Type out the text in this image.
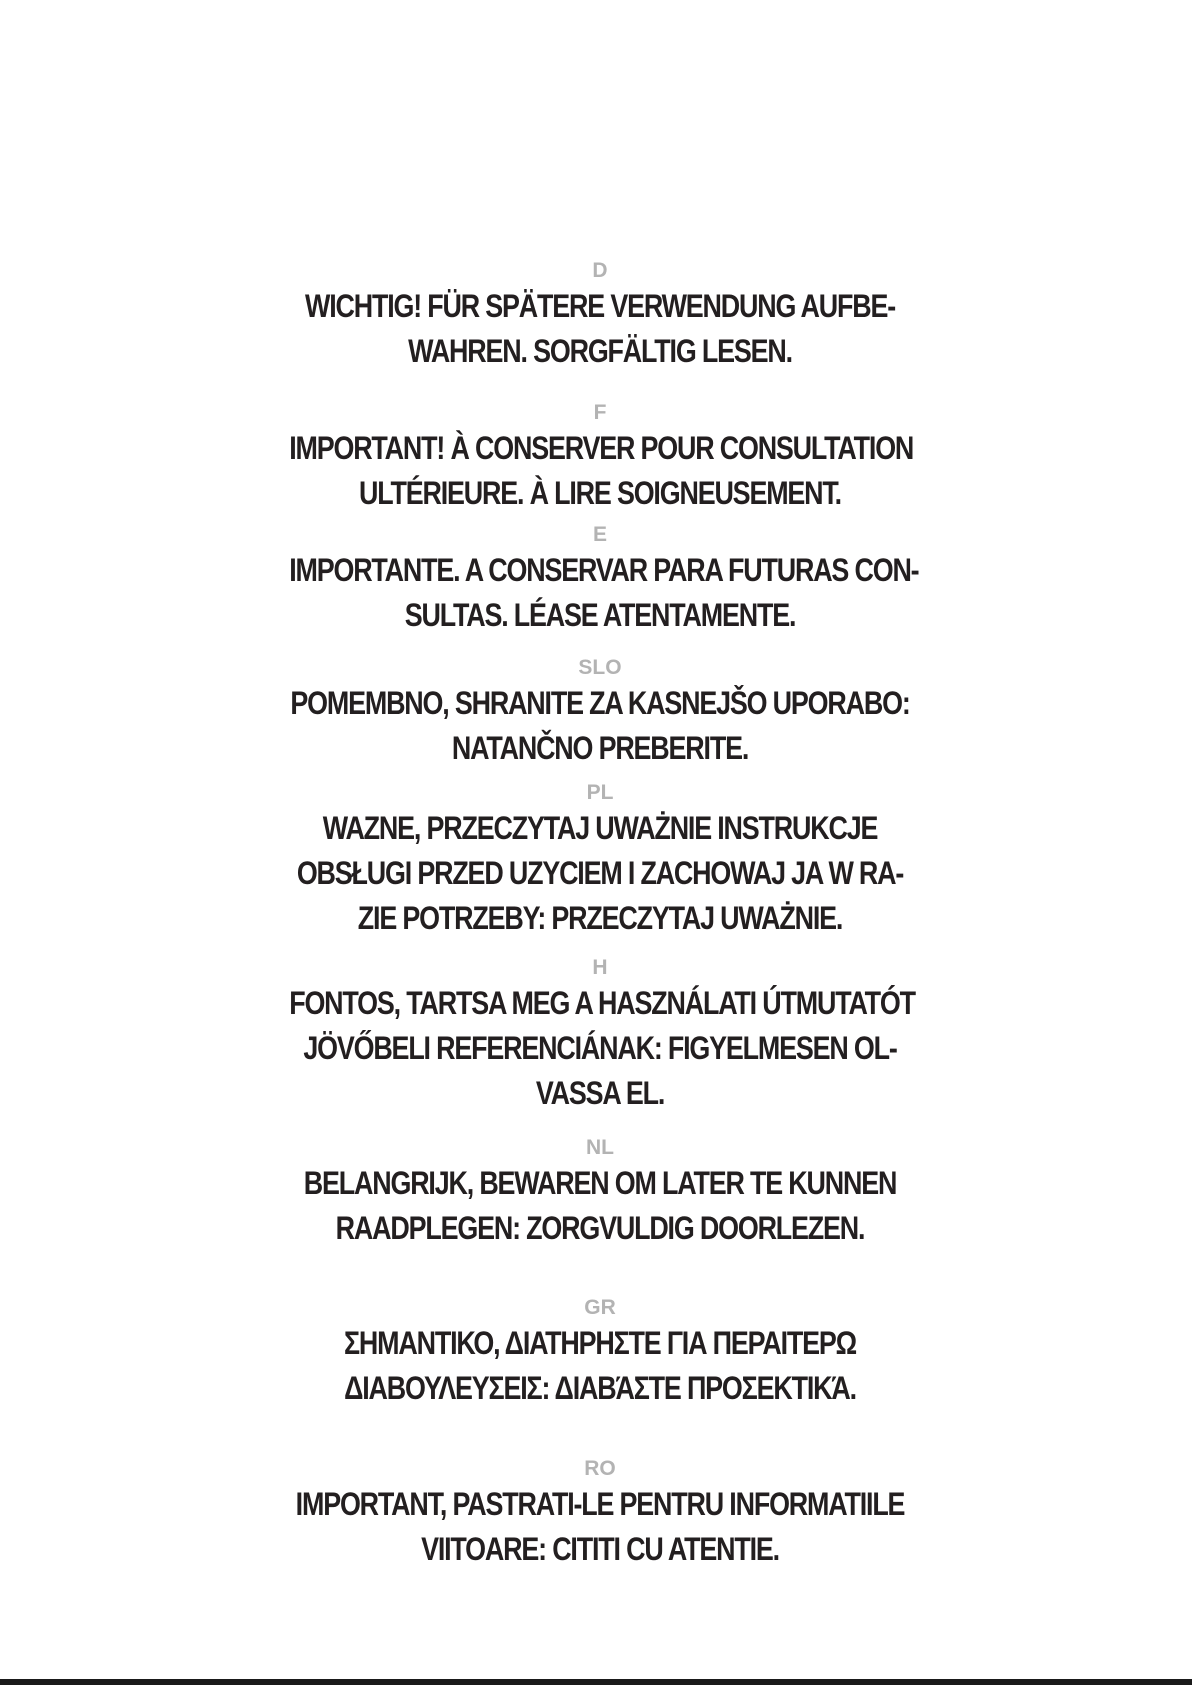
D
WICHTIG! FÜR SPÄTERE VERWENDUNG AUFBE-
WAHREN. SORGFÄLTIG LESEN.
F
IMPORTANT! À CONSERVER POUR CONSULTATION
ULTÉRIEURE. À LIRE SOIGNEUSEMENT.
E
IMPORTANTE. A CONSERVAR PARA FUTURAS CON-
SULTAS. LÉASE ATENTAMENTE.
SLO
POMEMBNO, SHRANITE ZA KASNEJŠO UPORABO:
NATANČNO PREBERITE.
PL
WAZNE, PRZECZYTAJ UWAŻNIE INSTRUKCJE
OBSŁUGI PRZED UZYCIEM I ZACHOWAJ JA W RA-
ZIE POTRZEBY: PRZECZYTAJ UWAŻNIE.
H
FONTOS, TARTSA MEG A HASZNÁLATI ÚTMUTATÓT
JÖVŐBELI REFERENCIÁNAK: FIGYELMESEN OL-
VASSA EL.
NL
BELANGRIJK, BEWAREN OM LATER TE KUNNEN
RAADPLEGEN: ZORGVULDIG DOORLEZEN.
GR
ΣΗΜΑΝΤΙΚΟ, ΔΙΑΤΗΡΗΣΤΕ ΓΙΑ ΠΕΡΑΙΤΕΡΩ
ΔΙΑΒΟΥΛΕΥΣΕΙΣ: ΔΙΑΒΆΣΤΕ ΠΡΟΣΕΚΤΙΚΆ.
RO
IMPORTANT, PASTRATI-LE PENTRU INFORMATIILE
VIITOARE: CITITI CU ATENTIE.
